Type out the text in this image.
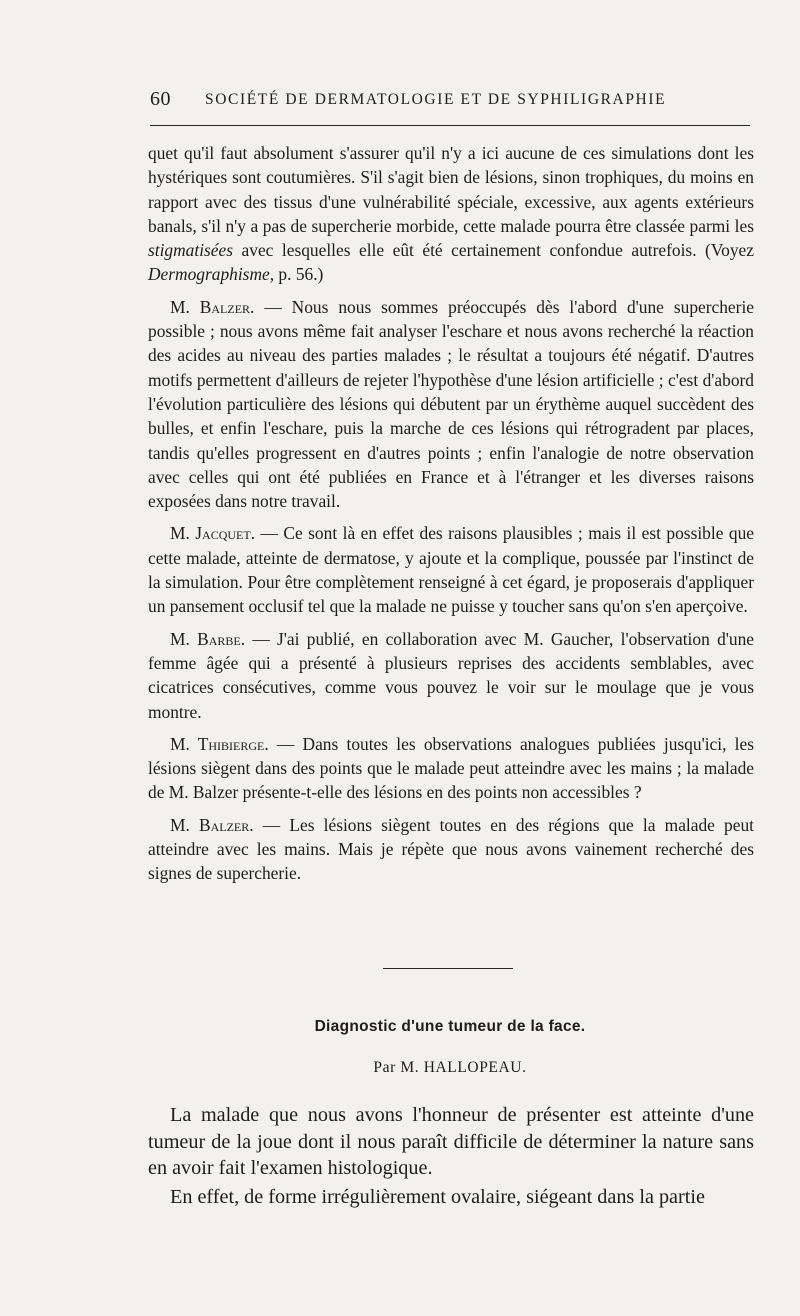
60 SOCIÉTÉ DE DERMATOLOGIE ET DE SYPHILIGRAPHIE

quet qu'il faut absolument s'assurer qu'il n'y a ici aucune de ces simulations dont les hystériques sont coutumières. S'il s'agit bien de lésions, sinon trophiques, du moins en rapport avec des tissus d'une vulnérabilité spéciale, excessive, aux agents extérieurs banals, s'il n'y a pas de supercherie morbide, cette malade pourra être classée parmi les stigmatisées avec lesquelles elle eût été certainement confondue autrefois. (Voyez Dermographisme, p. 56.)

M. Balzer. — Nous nous sommes préoccupés dès l'abord d'une supercherie possible ; nous avons même fait analyser l'eschare et nous avons recherché la réaction des acides au niveau des parties malades ; le résultat a toujours été négatif. D'autres motifs permettent d'ailleurs de rejeter l'hypothèse d'une lésion artificielle ; c'est d'abord l'évolution particulière des lésions qui débutent par un érythème auquel succèdent des bulles, et enfin l'eschare, puis la marche de ces lésions qui rétrogradent par places, tandis qu'elles progressent en d'autres points ; enfin l'analogie de notre observation avec celles qui ont été publiées en France et à l'étranger et les diverses raisons exposées dans notre travail.

M. Jacquet. — Ce sont là en effet des raisons plausibles ; mais il est possible que cette malade, atteinte de dermatose, y ajoute et la complique, poussée par l'instinct de la simulation. Pour être complètement renseigné à cet égard, je proposerais d'appliquer un pansement occlusif tel que la malade ne puisse y toucher sans qu'on s'en aperçoive.

M. Barbe. — J'ai publié, en collaboration avec M. Gaucher, l'observation d'une femme âgée qui a présenté à plusieurs reprises des accidents semblables, avec cicatrices consécutives, comme vous pouvez le voir sur le moulage que je vous montre.

M. Thibierge. — Dans toutes les observations analogues publiées jusqu'ici, les lésions siègent dans des points que le malade peut atteindre avec les mains ; la malade de M. Balzer présente-t-elle des lésions en des points non accessibles ?

M. Balzer. — Les lésions siègent toutes en des régions que la malade peut atteindre avec les mains. Mais je répète que nous avons vainement recherché des signes de supercherie.

Diagnostic d'une tumeur de la face.
Par M. HALLOPEAU.

La malade que nous avons l'honneur de présenter est atteinte d'une tumeur de la joue dont il nous paraît difficile de déterminer la nature sans en avoir fait l'examen histologique.

En effet, de forme irrégulièrement ovalaire, siégeant dans la partie
